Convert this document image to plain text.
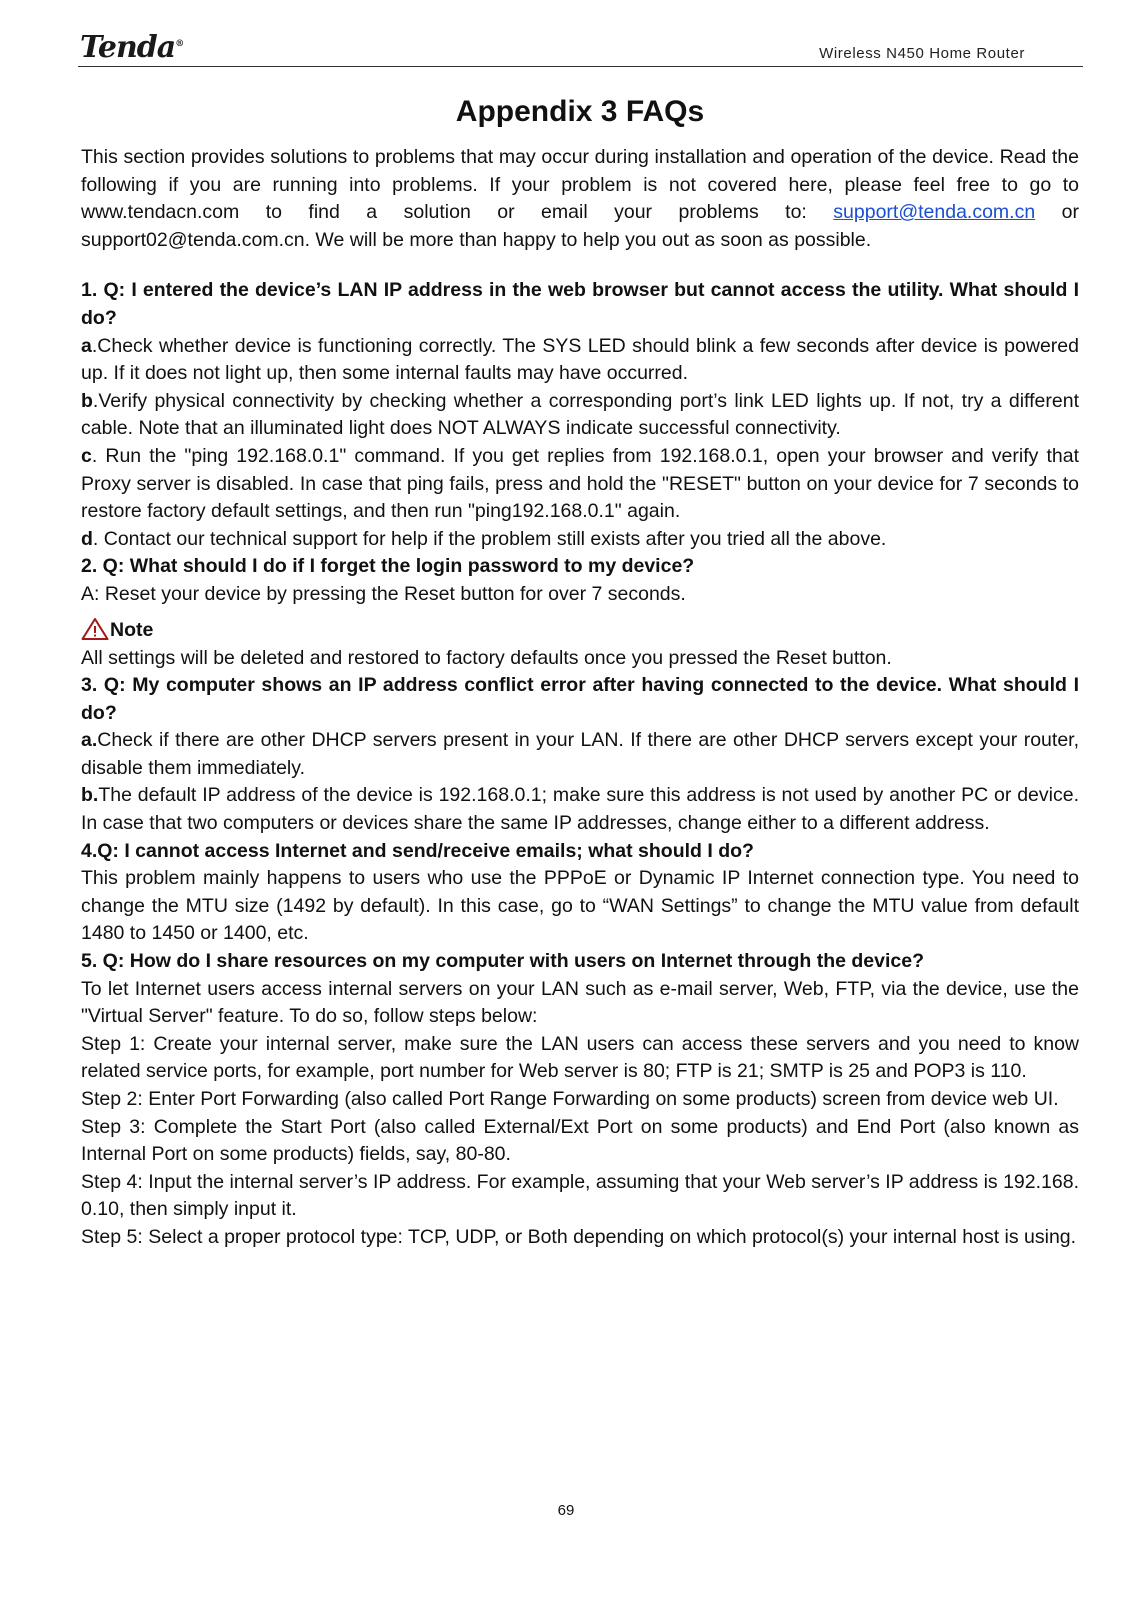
Tenda®
Wireless N450 Home Router
Appendix 3 FAQs

This section provides solutions to problems that may occur during installation and operation of the device. Read the following if you are running into problems. If your problem is not covered here, please feel free to go to www.tendacn.com to find a solution or email your problems to: support@tenda.com.cn or support02@tenda.com.cn. We will be more than happy to help you out as soon as possible.

1. Q: I entered the device’s LAN IP address in the web browser but cannot access the utility. What should I do?

a.Check whether device is functioning correctly. The SYS LED should blink a few seconds after device is powered up. If it does not light up, then some internal faults may have occurred.

b.Verify physical connectivity by checking whether a corresponding port’s link LED lights up. If not, try a different cable. Note that an illuminated light does NOT ALWAYS indicate successful connectivity.

c. Run the "ping 192.168.0.1" command. If you get replies from 192.168.0.1, open your browser and verify that Proxy server is disabled. In case that ping fails, press and hold the "RESET" button on your device for 7 seconds to restore factory default settings, and then run "ping192.168.0.1" again.

d. Contact our technical support for help if the problem still exists after you tried all the above.

2. Q: What should I do if I forget the login password to my device?

A: Reset your device by pressing the Reset button for over 7 seconds.

Note

All settings will be deleted and restored to factory defaults once you pressed the Reset button.

3. Q: My computer shows an IP address conflict error after having connected to the device. What should I do?

a.Check if there are other DHCP servers present in your LAN. If there are other DHCP servers except your router, disable them immediately.

b.The default IP address of the device is 192.168.0.1; make sure this address is not used by another PC or device. In case that two computers or devices share the same IP addresses, change either to a different address.

4.Q: I cannot access Internet and send/receive emails; what should I do?

This problem mainly happens to users who use the PPPoE or Dynamic IP Internet connection type. You need to change the MTU size (1492 by default). In this case, go to “WAN Settings” to change the MTU value from default 1480 to 1450 or 1400, etc.

5. Q: How do I share resources on my computer with users on Internet through the device?

To let Internet users access internal servers on your LAN such as e-mail server, Web, FTP, via the device, use the "Virtual Server" feature. To do so, follow steps below:

Step 1: Create your internal server, make sure the LAN users can access these servers and you need to know related service ports, for example, port number for Web server is 80; FTP is 21; SMTP is 25 and POP3 is 110.

Step 2: Enter Port Forwarding (also called Port Range Forwarding on some products) screen from device web UI.

Step 3: Complete the Start Port (also called External/Ext Port on some products) and End Port (also known as Internal Port on some products) fields, say, 80-80.

Step 4: Input the internal server’s IP address. For example, assuming that your Web server’s IP address is 192.168. 0.10, then simply input it.

Step 5: Select a proper protocol type: TCP, UDP, or Both depending on which protocol(s) your internal host is using.

69
